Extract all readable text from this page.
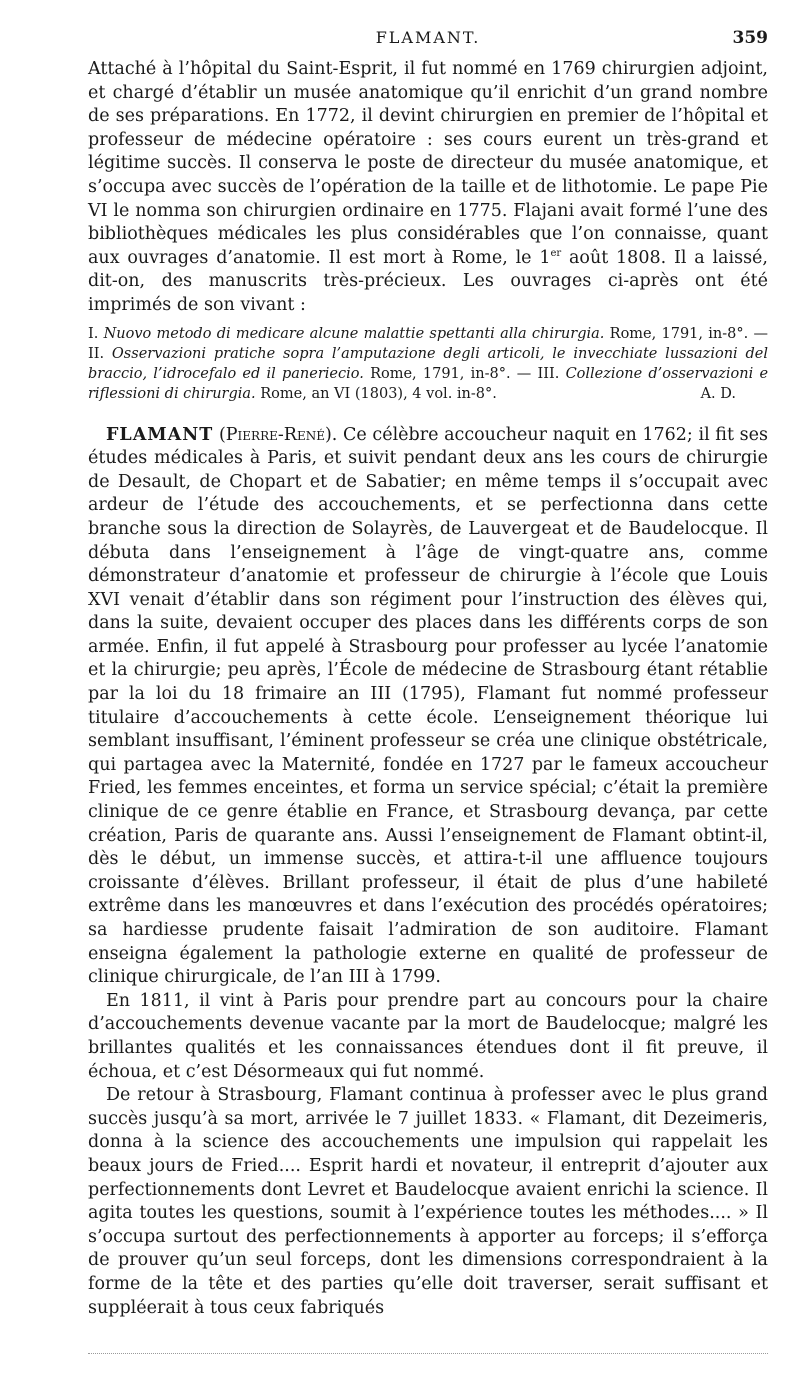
FLAMANT.	359

Attaché à l’hôpital du Saint-Esprit, il fut nommé en 1769 chirurgien adjoint, et chargé d’établir un musée anatomique qu’il enrichit d’un grand nombre de ses préparations. En 1772, il devint chirurgien en premier de l’hôpital et professeur de médecine opératoire : ses cours eurent un très-grand et légitime succès. Il conserva le poste de directeur du musée anatomique, et s’occupa avec succès de l’opération de la taille et de lithotomie. Le pape Pie VI le nomma son chirurgien ordinaire en 1775. Flajani avait formé l’une des bibliothèques médicales les plus considérables que l’on connaisse, quant aux ouvrages d’anatomie. Il est mort à Rome, le 1er août 1808. Il a laissé, dit-on, des manuscrits très-précieux. Les ouvrages ci-après ont été imprimés de son vivant :

I. Nuovo metodo di medicare alcune malattie spettanti alla chirurgia. Rome, 1791, in-8°. — II. Osservazioni pratiche sopra l’amputazione degli articoli, le invecchiate lussazioni del braccio, l’idrocefalo ed il paneriecio. Rome, 1791, in-8°. — III. Collezione d’osservazioni e riflessioni di chirurgia. Rome, an VI (1803), 4 vol. in-8°.	A. D.

FLAMANT (Pierre-René). Ce célèbre accoucheur naquit en 1762; il fit ses études médicales à Paris, et suivit pendant deux ans les cours de chirurgie de Desault, de Chopart et de Sabatier; en même temps il s’occupait avec ardeur de l’étude des accouchements, et se perfectionna dans cette branche sous la direction de Solayrès, de Lauvergeat et de Baudelocque. Il débuta dans l’enseignement à l’âge de vingt-quatre ans, comme démonstrateur d’anatomie et professeur de chirurgie à l’école que Louis XVI venait d’établir dans son régiment pour l’instruction des élèves qui, dans la suite, devaient occuper des places dans les différents corps de son armée. Enfin, il fut appelé à Strasbourg pour professer au lycée l’anatomie et la chirurgie; peu après, l’École de médecine de Strasbourg étant rétablie par la loi du 18 frimaire an III (1795), Flamant fut nommé professeur titulaire d’accouchements à cette école. L’enseignement théorique lui semblant insuffisant, l’éminent professeur se créa une clinique obstétricale, qui partagea avec la Maternité, fondée en 1727 par le fameux accoucheur Fried, les femmes enceintes, et forma un service spécial; c’était la première clinique de ce genre établie en France, et Strasbourg devança, par cette création, Paris de quarante ans. Aussi l’enseignement de Flamant obtint-il, dès le début, un immense succès, et attira-t-il une affluence toujours croissante d’élèves. Brillant professeur, il était de plus d’une habileté extrême dans les manœuvres et dans l’exécution des procédés opératoires; sa hardiesse prudente faisait l’admiration de son auditoire. Flamant enseigna également la pathologie externe en qualité de professeur de clinique chirurgicale, de l’an III à 1799.

En 1811, il vint à Paris pour prendre part au concours pour la chaire d’accouchements devenue vacante par la mort de Baudelocque; malgré les brillantes qualités et les connaissances étendues dont il fit preuve, il échoua, et c’est Désormeaux qui fut nommé.

De retour à Strasbourg, Flamant continua à professer avec le plus grand succès jusqu’à sa mort, arrivée le 7 juillet 1833. « Flamant, dit Dezeimeris, donna à la science des accouchements une impulsion qui rappelait les beaux jours de Fried.... Esprit hardi et novateur, il entreprit d’ajouter aux perfectionnements dont Levret et Baudelocque avaient enrichi la science. Il agita toutes les questions, soumit à l’expérience toutes les méthodes.... » Il s’occupa surtout des perfectionnements à apporter au forceps; il s’efforça de prouver qu’un seul forceps, dont les dimensions correspondraient à la forme de la tête et des parties qu’elle doit traverser, serait suffisant et suppléerait à tous ceux fabriqués
